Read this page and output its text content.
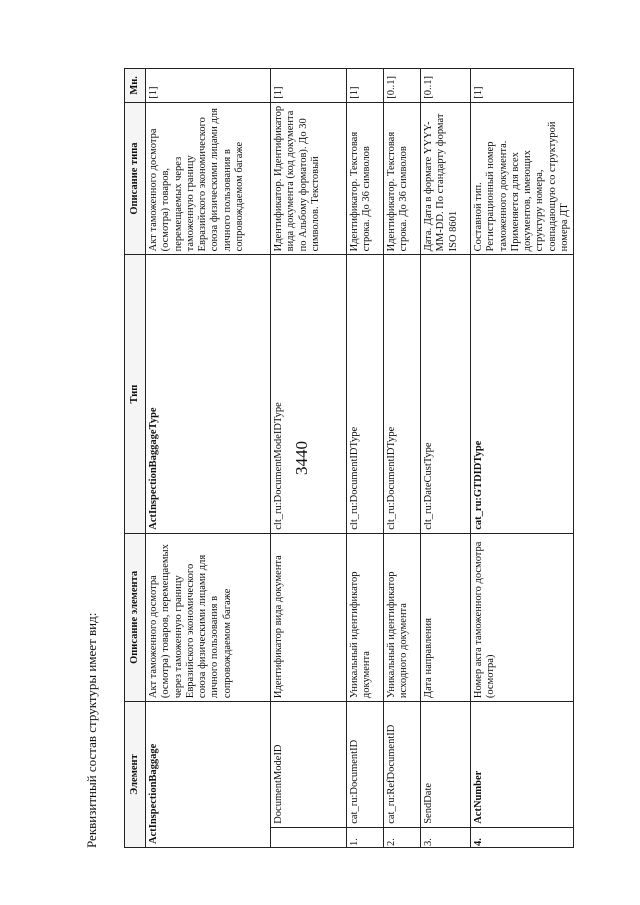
3440
Реквизитный состав структуры имеет вид:	Элемент		Описание элемента	Тип	Описание типа	Мн.
ActInspectionBaggage		Акт таможенного досмотра (осмотра) товаров, перемещаемых через таможенную границу Евразийского экономического союза физическими лицами для личного пользования в сопровождаемом багаже	ActInspectionBaggageType	Акт таможенного досмотра (осмотра) товаров, перемещаемых через таможенную границу Евразийского экономического союза физическими лицами для личного пользования в сопровождаемом багаже	[1]
	DocumentModeID	Идентификатор вида документа	clt_ru:DocumentModeIDType	Идентификатор. Идентификатор вида документа (код документа по Альбому форматов). До 30 символов. Текстовый	[1]
1.	cat_ru:DocumentID	Уникальный идентификатор документа	clt_ru:DocumentIDType	Идентификатор. Текстовая строка. До 36 символов	[1]
2.	cat_ru:RefDocumentID	Уникальный идентификатор исходного документа	clt_ru:DocumentIDType	Идентификатор. Текстовая строка. До 36 символов	[0..1]
3.	SendDate	Дата направления	clt_ru:DateCustType	Дата. Дата в формате YYYY-MM-DD. По стандарту формат ISO 8601	[0..1]
4.	ActNumber	Номер акта таможенного досмотра (осмотра)	cat_ru:GTDIDType	Составной тип. Регистрационный номер таможенного документа. Применяется для всех документов, имеющих структуру номера, совпадающую со структурой номера ДТ	[1]
